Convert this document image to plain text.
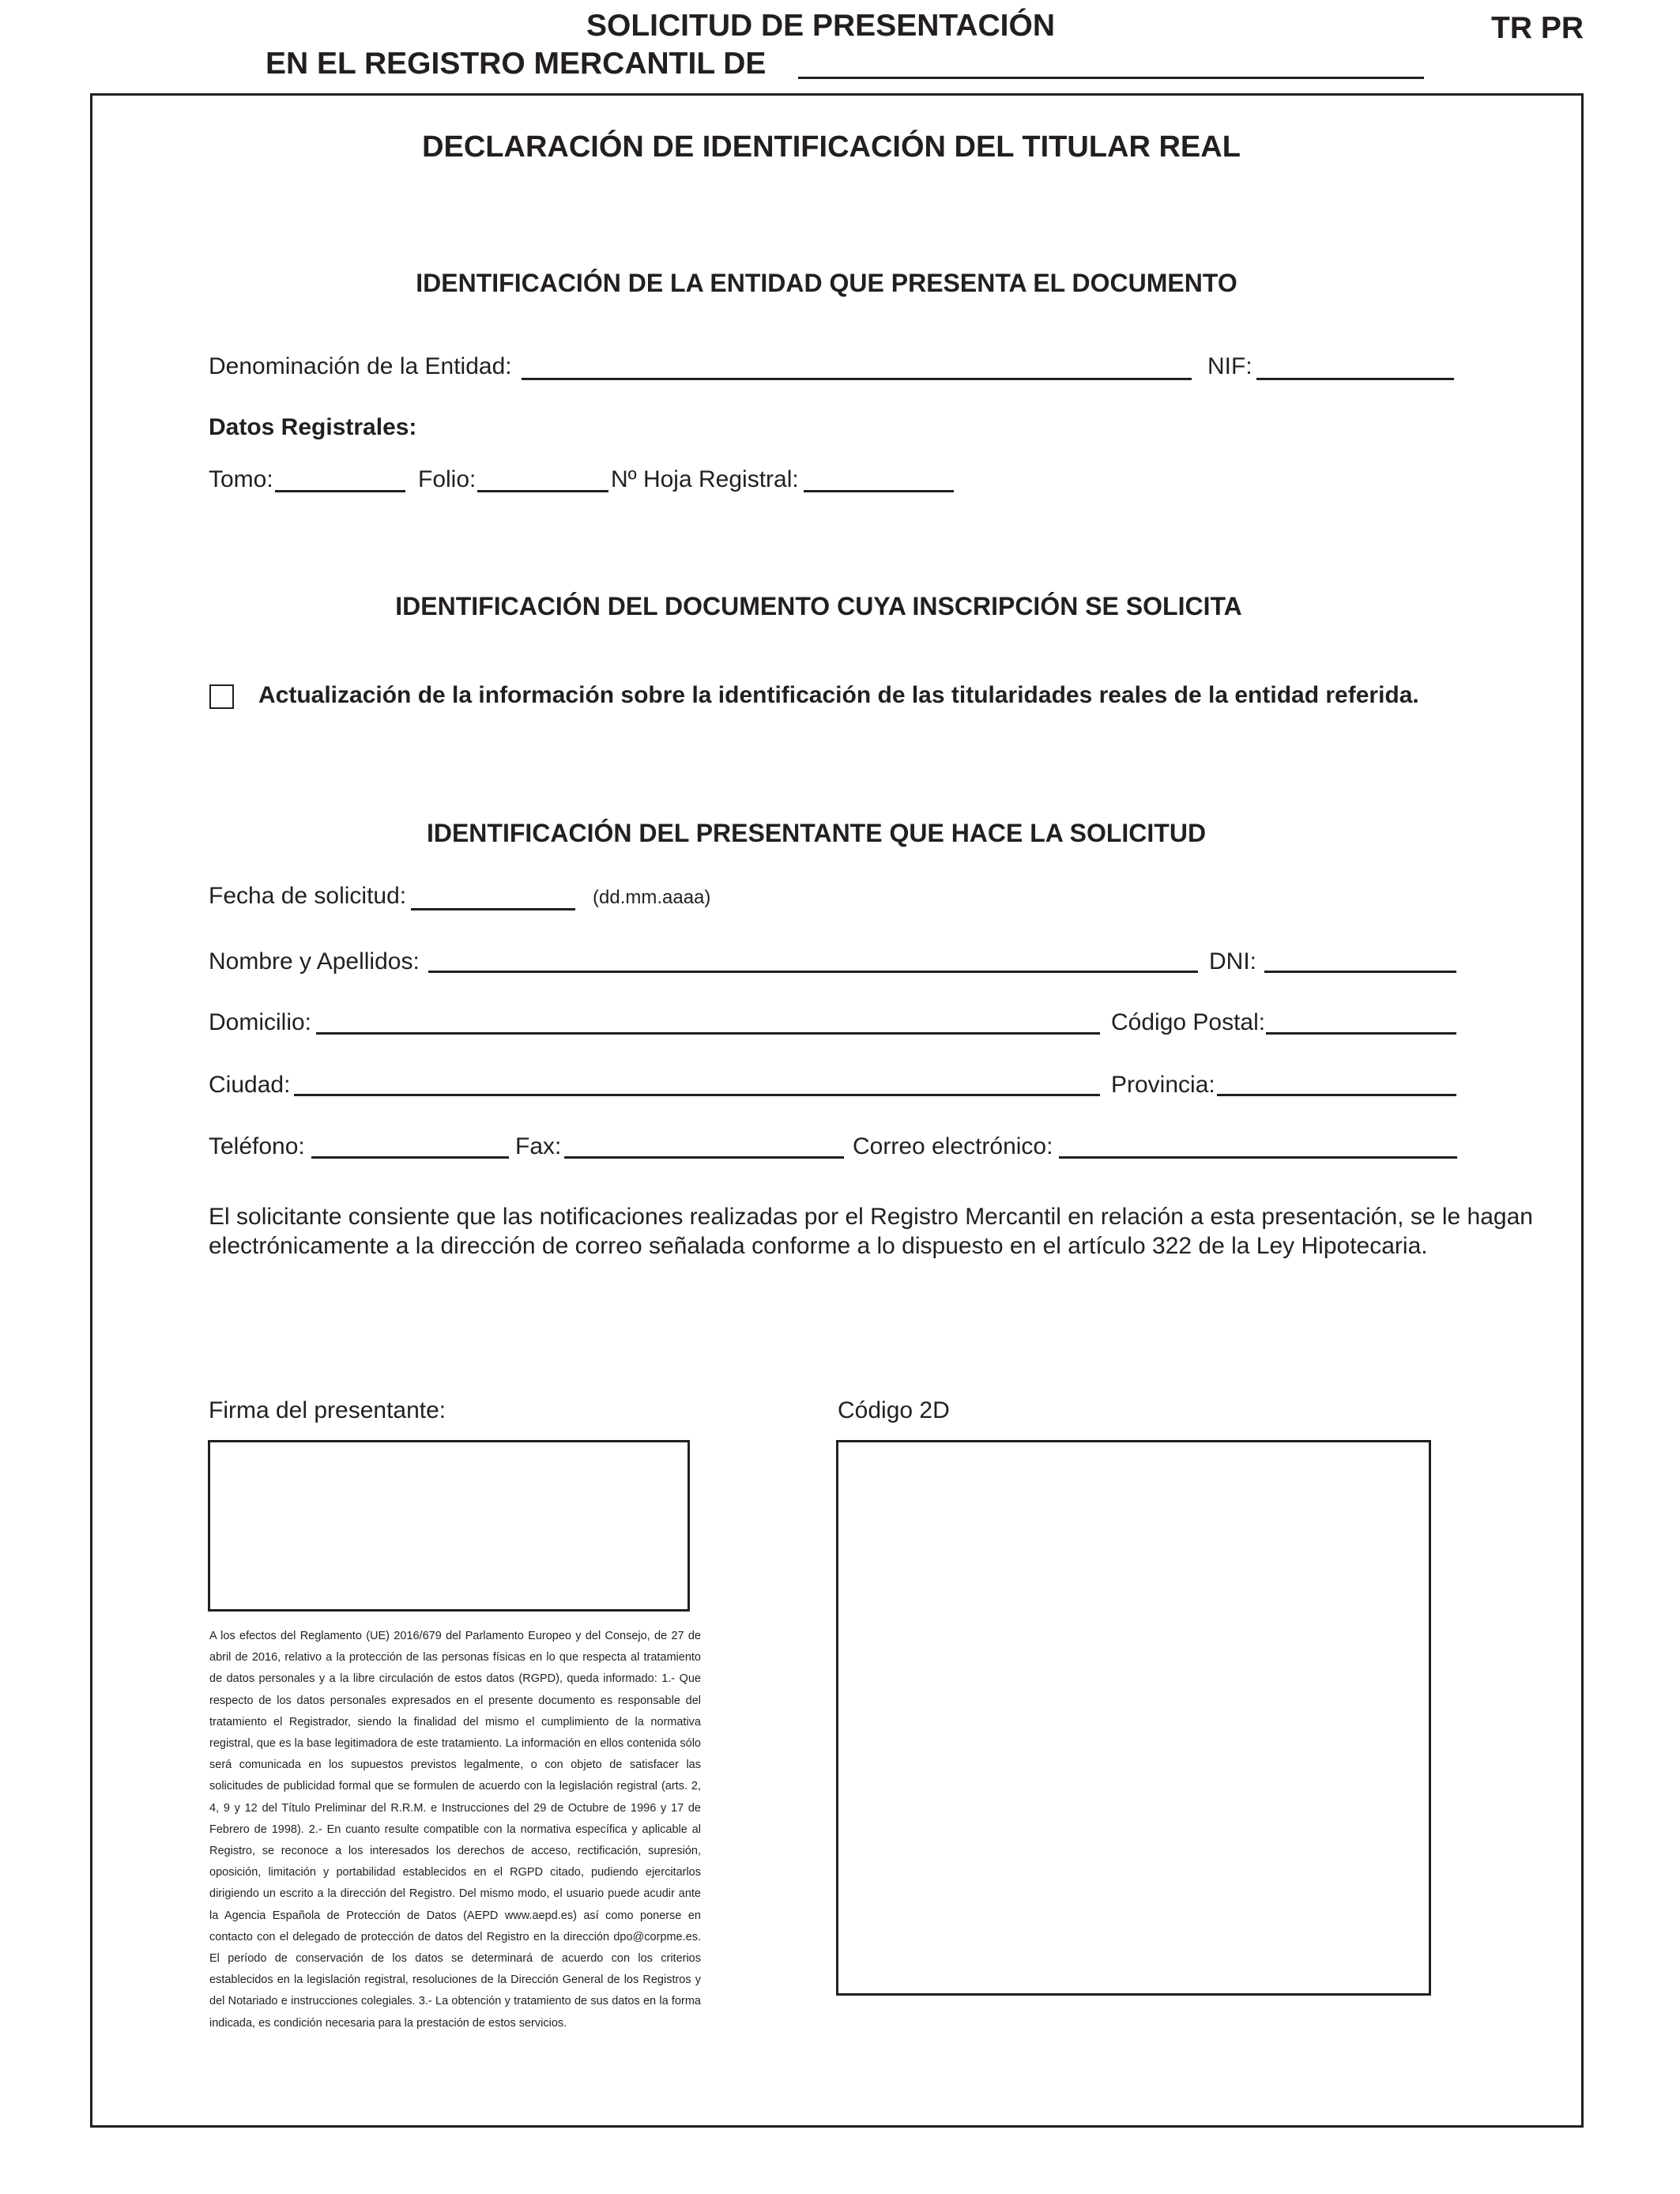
SOLICITUD DE PRESENTACIÓN
EN EL REGISTRO MERCANTIL DE
TR PR
DECLARACIÓN DE IDENTIFICACIÓN DEL TITULAR REAL
IDENTIFICACIÓN DE LA ENTIDAD QUE PRESENTA EL DOCUMENTO
Denominación de la Entidad:	NIF:
Datos Registrales:
Tomo:	Folio:	Nº Hoja Registral:
IDENTIFICACIÓN DEL DOCUMENTO CUYA INSCRIPCIÓN SE SOLICITA
Actualización de la información sobre la identificación de las titularidades reales de la entidad referida.
IDENTIFICACIÓN DEL PRESENTANTE QUE HACE LA SOLICITUD
Fecha de solicitud:	(dd.mm.aaaa)
Nombre y Apellidos:	DNI:
Domicilio:	Código Postal:
Ciudad:	Provincia:
Teléfono:	Fax:	Correo electrónico:
El solicitante consiente que las notificaciones realizadas por el Registro Mercantil en relación a esta presentación, se le hagan
electrónicamente a la dirección de correo señalada conforme a lo dispuesto en el artículo 322 de la Ley Hipotecaria.
Firma del presentante:	Código 2D
A los efectos del Reglamento (UE) 2016/679 del Parlamento Europeo y del Consejo, de 27 de abril de 2016, relativo a la protección de las personas físicas en lo que respecta al tratamiento de datos personales y a la libre circulación de estos datos (RGPD), queda informado: 1.- Que respecto de los datos personales expresados en el presente documento es responsable del tratamiento el Registrador, siendo la finalidad del mismo el cumplimiento de la normativa registral, que es la base legitimadora de este tratamiento. La información en ellos contenida sólo será comunicada en los supuestos previstos legalmente, o con objeto de satisfacer las solicitudes de publicidad formal que se formulen de acuerdo con la legislación registral (arts. 2, 4, 9 y 12 del Título Preliminar del R.R.M. e Instrucciones del 29 de Octubre de 1996 y 17 de Febrero de 1998). 2.- En cuanto resulte compatible con la normativa específica y aplicable al Registro, se reconoce a los interesados los derechos de acceso, rectificación, supresión, oposición, limitación y portabilidad establecidos en el RGPD citado, pudiendo ejercitarlos dirigiendo un escrito a la dirección del Registro. Del mismo modo, el usuario puede acudir ante la Agencia Española de Protección de Datos (AEPD www.aepd.es) así como ponerse en contacto con el delegado de protección de datos del Registro en la dirección dpo@corpme.es. El período de conservación de los datos se determinará de acuerdo con los criterios establecidos en la legislación registral, resoluciones de la Dirección General de los Registros y del Notariado e instrucciones colegiales. 3.- La obtención y tratamiento de sus datos en la forma indicada, es condición necesaria para la prestación de estos servicios.
